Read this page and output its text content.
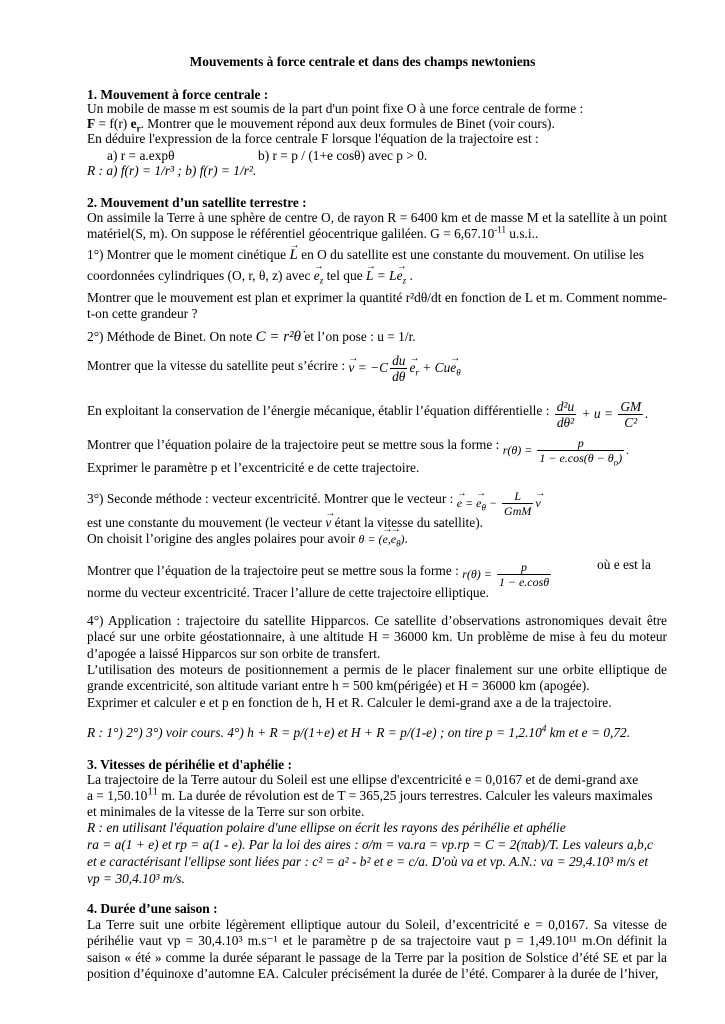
Mouvements à force centrale et dans des champs newtoniens
1. Mouvement à force centrale :
Un mobile de masse m est soumis de la part d'un point fixe O à une force centrale de forme :
F = f(r) $e_r$. Montrer que le mouvement répond aux deux formules de Binet (voir cours).
En déduire l'expression de la force centrale F lorsque l'équation de la trajectoire est :
a) r = a.expθ	b) r = p / (1+e cosθ) avec p > 0.
R : a) f(r) = 1/r³ ; b) f(r) = 1/r².
2. Mouvement d’un satellite terrestre :
On assimile la Terre à une sphère de centre O, de rayon R = 6400 km et de masse M et la satellite à un point matériel(S, m). On suppose le référentiel géocentrique galiléen. $G = 6,67.10^{-11}$ u.s.i..
1°) Montrer que le moment cinétique → L en O du satellite est une constante du mouvement. On utilise les
coordonnées cylindriques (O, r, θ, z) avec → $e_z$ tel que → $L = L\to e_z$ .
Montrer que le mouvement est plan et exprimer la quantité r²dθ/dt en fonction de L et m. Comment nomme-t-on cette grandeur ?
2°) Méthode de Binet. On note C = r²θ̇ et l’on pose : u = 1/r.
Montrer que la vitesse du satellite peut s’écrire : → $v = -C \frac{du}{d\theta}$
→ $e_r + Cu\to e_\theta$
En exploitant la conservation de l’énergie mécanique, établir l’équation différentielle : $\frac{\text{d²u}}{\text{dθ²}} + u = \frac{GM}{\text{C²}}$ .
Montrer que l’équation polaire de la trajectoire peut se mettre sous la forme : $r(\theta) = \frac{p}{1 - e.\cos(\theta - \theta_o)}$ .
Exprimer le paramètre p et l’excentricité e de cette trajectoire.
3°) Seconde méthode : vecteur excentricité. Montrer que le vecteur : → e = → $e_\theta - \frac{L}{\text{GmM}}$
→ v
est une constante du mouvement (le vecteur → v étant la vitesse du satellite).
On choisit l’origine des angles polaires pour avoir θ = (→ $e,\to e_\theta$).
Montrer que l’équation de la trajectoire peut se mettre sous la forme : $r(\theta) = \frac{p}{1 - e.\cos\theta}$	où e est la
norme du vecteur excentricité. Tracer l’allure de cette trajectoire elliptique.
4°) Application : trajectoire du satellite Hipparcos. Ce satellite d’observations astronomiques devait être placé sur une orbite géostationnaire, à une altitude H = 36000 km. Un problème de mise à feu du moteur d’apogée a laissé Hipparcos sur son orbite de transfert.
L’utilisation des moteurs de positionnement a permis de le placer finalement sur une orbite elliptique de grande excentricité, son altitude variant entre h = 500 km(périgée) et H = 36000 km (apogée).
Exprimer et calculer e et p en fonction de h, H et R. Calculer le demi-grand axe a de la trajectoire.
R : 1°) 2°) 3°) voir cours. 4°) h + R = p/(1+e) et H + R = p/(1-e) ; on tire $p = 1,2.10^4$ km et e = 0,72.
3. Vitesses de périhélie et d'aphélie :
La trajectoire de la Terre autour du Soleil est une ellipse d'excentricité e = 0,0167 et de demi-grand axe
$a = 1,50.10^{11}$ m. La durée de révolution est de T = 365,25 jours terrestres. Calculer les valeurs maximales
et minimales de la vitesse de la Terre sur son orbite.
R : en utilisant l'équation polaire d'une ellipse on écrit les rayons des périhélie et aphélie
ra = a(1 + e) et rp = a(1 - e). Par la loi des aires : σ/m = va.ra = vp.rp = C = 2(πab)/T. Les valeurs a,b,c
et e caractérisant l'ellipse sont liées par : c² = a² - b² et e = c/a. D'où va et vp. A.N.: va = 29,4.10³ m/s et
vp = 30,4.10³ m/s.
4. Durée d’une saison :
La Terre suit une orbite légèrement elliptique autour du Soleil, d’excentricité e = 0,0167. Sa vitesse de périhélie vaut vp = 30,4.10³ m.s⁻¹ et le paramètre p de sa trajectoire vaut p = 1,49.10¹¹ m.On définit la saison « été » comme la durée séparant le passage de la Terre par la position de Solstice d’été SE et par la position d’équinoxe d’automne EA. Calculer précisément la durée de l’été. Comparer à la durée de l’hiver,
